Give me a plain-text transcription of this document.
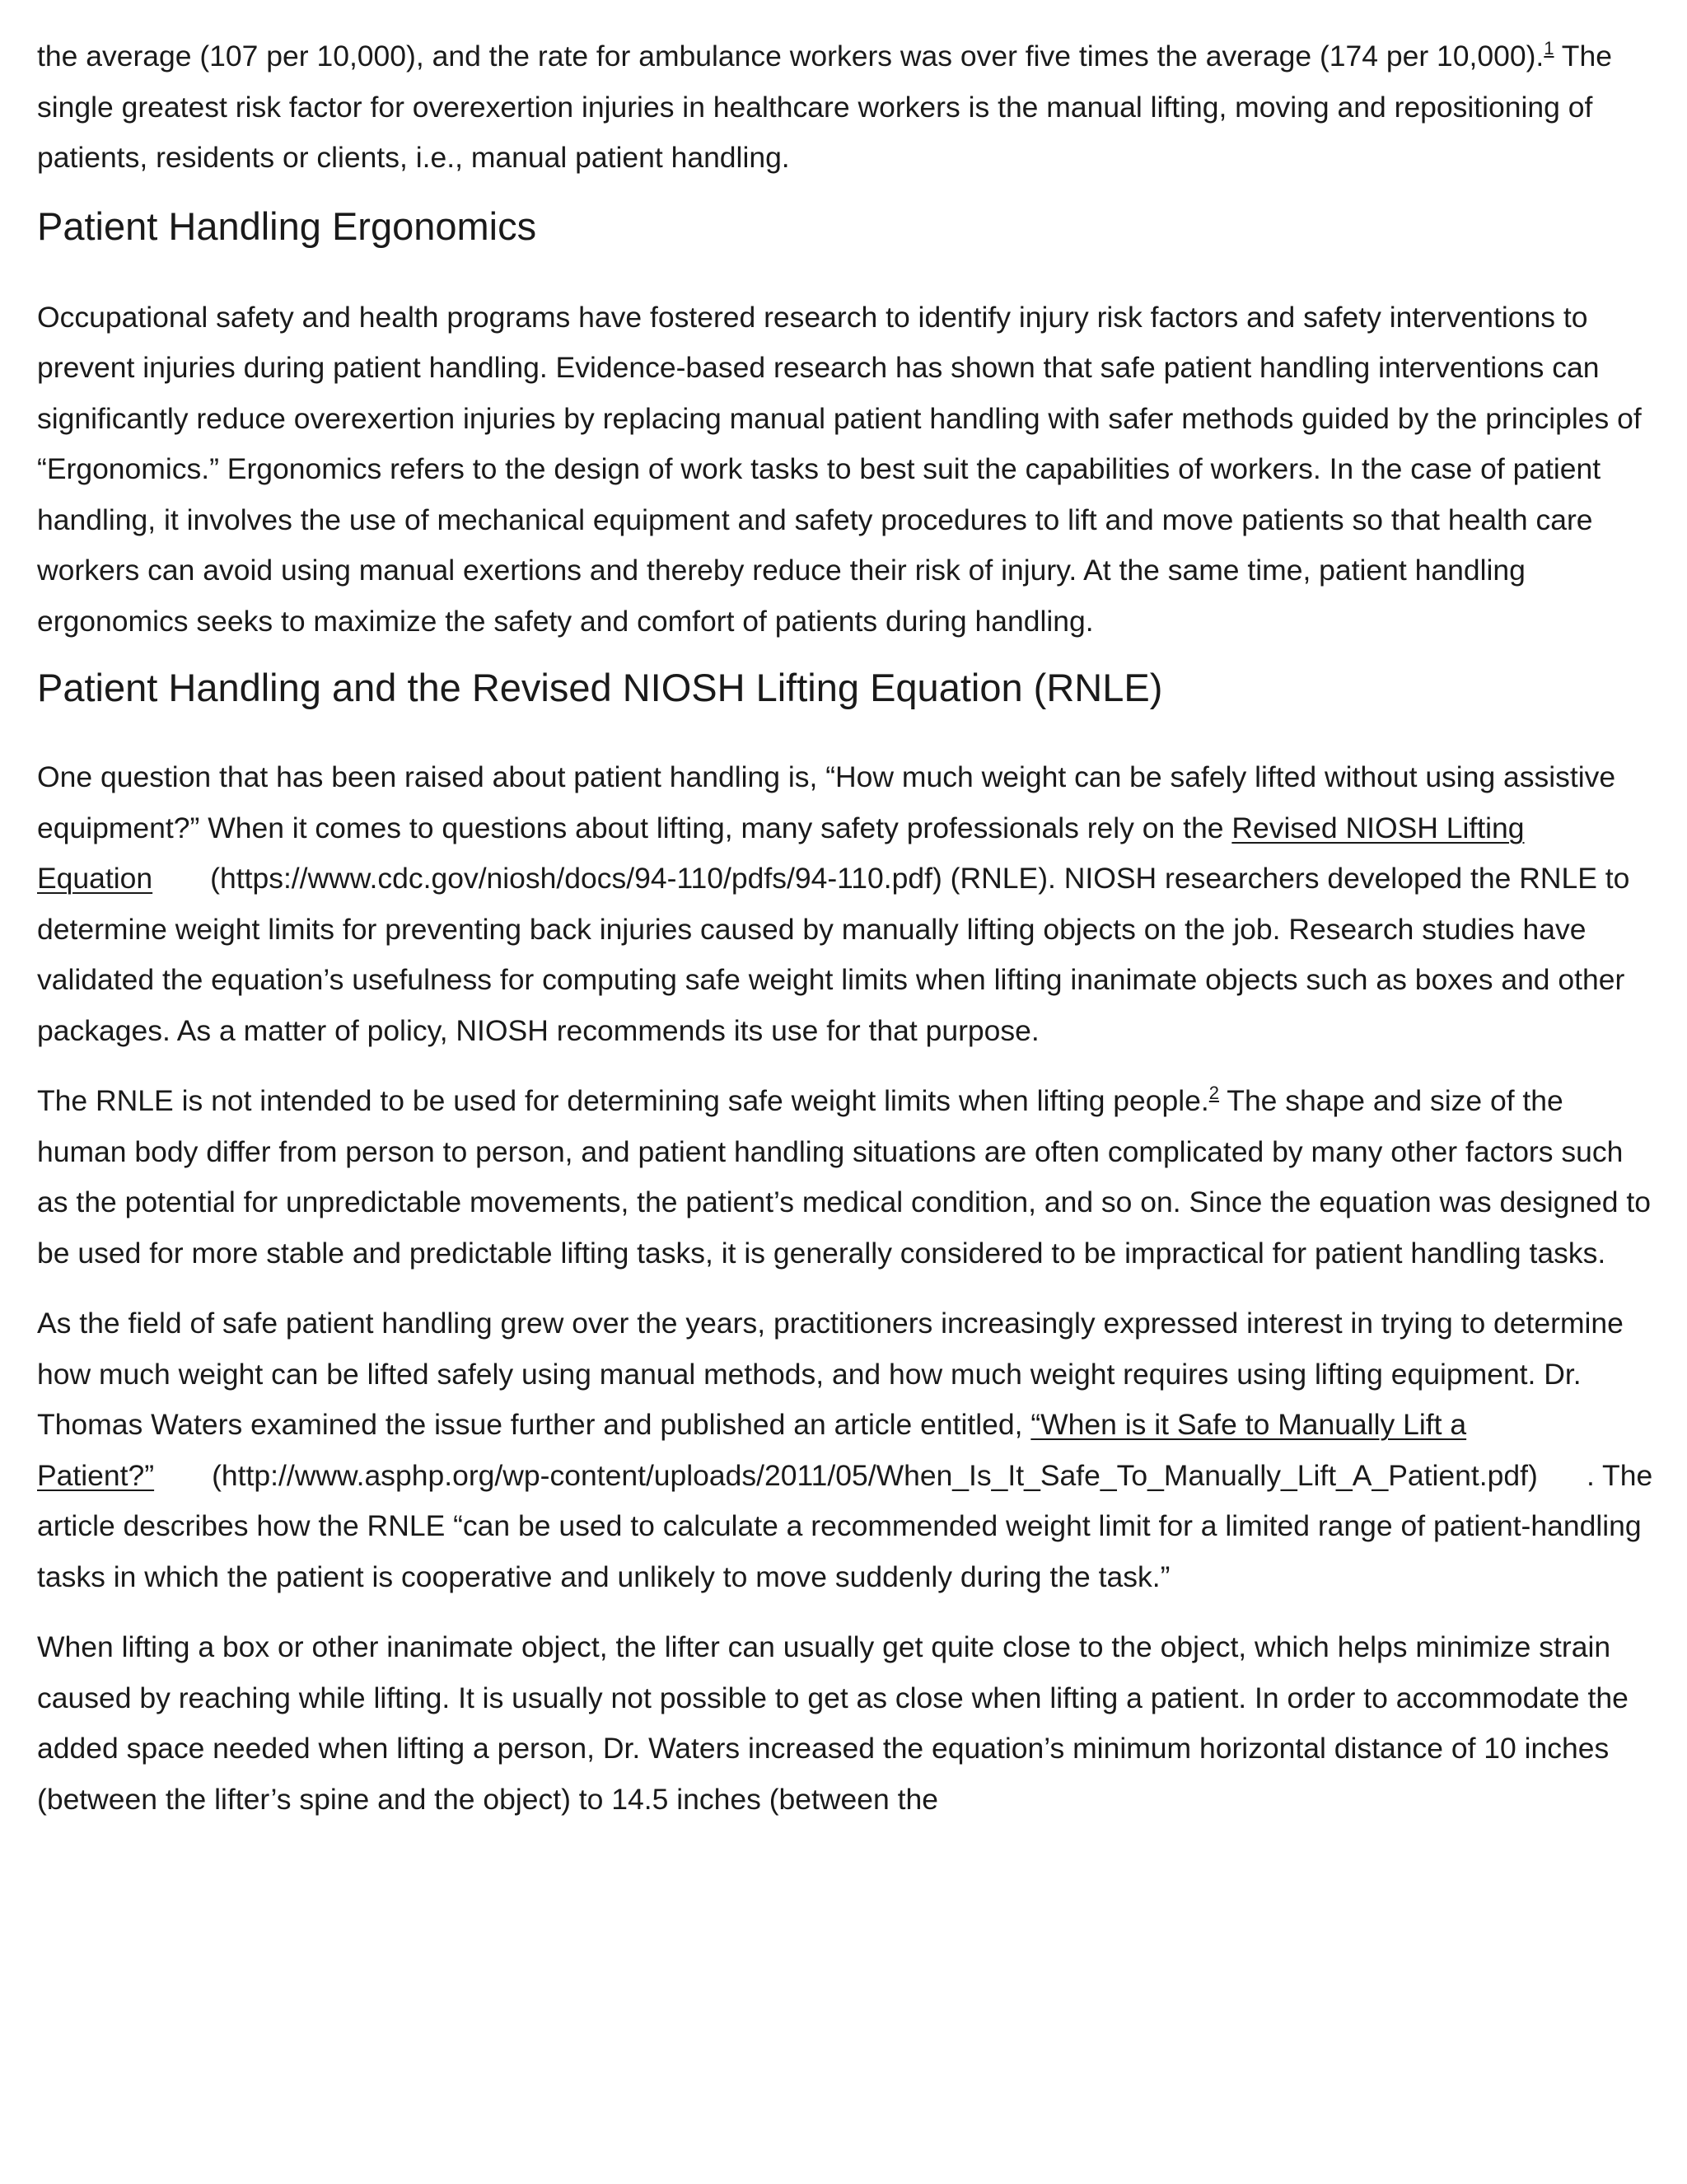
the average (107 per 10,000), and the rate for ambulance workers was over five times the average (174 per 10,000).$^1$ The single greatest risk factor for overexertion injuries in healthcare workers is the manual lifting, moving and repositioning of patients, residents or clients, i.e., manual patient handling.

Patient Handling Ergonomics

Occupational safety and health programs have fostered research to identify injury risk factors and safety interventions to prevent injuries during patient handling. Evidence-based research has shown that safe patient handling interventions can significantly reduce overexertion injuries by replacing manual patient handling with safer methods guided by the principles of “Ergonomics.” Ergonomics refers to the design of work tasks to best suit the capabilities of workers. In the case of patient handling, it involves the use of mechanical equipment and safety procedures to lift and move patients so that health care workers can avoid using manual exertions and thereby reduce their risk of injury. At the same time, patient handling ergonomics seeks to maximize the safety and comfort of patients during handling.

Patient Handling and the Revised NIOSH Lifting Equation (RNLE)

One question that has been raised about patient handling is, “How much weight can be safely lifted without using assistive equipment?” When it comes to questions about lifting, many safety professionals rely on the Revised NIOSH Lifting Equation (https://www.cdc.gov/niosh/docs/94-110/pdfs/94-110.pdf) (RNLE). NIOSH researchers developed the RNLE to determine weight limits for preventing back injuries caused by manually lifting objects on the job. Research studies have validated the equation’s usefulness for computing safe weight limits when lifting inanimate objects such as boxes and other packages. As a matter of policy, NIOSH recommends its use for that purpose.

The RNLE is not intended to be used for determining safe weight limits when lifting people.$^2$ The shape and size of the human body differ from person to person, and patient handling situations are often complicated by many other factors such as the potential for unpredictable movements, the patient’s medical condition, and so on. Since the equation was designed to be used for more stable and predictable lifting tasks, it is generally considered to be impractical for patient handling tasks.

As the field of safe patient handling grew over the years, practitioners increasingly expressed interest in trying to determine how much weight can be lifted safely using manual methods, and how much weight requires using lifting equipment. Dr. Thomas Waters examined the issue further and published an article entitled, “When is it Safe to Manually Lift a Patient?” (http://www.asphp.org/wp-content/uploads/2011/05/When_Is_It_Safe_To_Manually_Lift_A_Patient.pdf)      . The article describes how the RNLE “can be used to calculate a recommended weight limit for a limited range of patient-handling tasks in which the patient is cooperative and unlikely to move suddenly during the task.”

When lifting a box or other inanimate object, the lifter can usually get quite close to the object, which helps minimize strain caused by reaching while lifting. It is usually not possible to get as close when lifting a patient. In order to accommodate the added space needed when lifting a person, Dr. Waters increased the equation’s minimum horizontal distance of 10 inches (between the lifter’s spine and the object) to 14.5 inches (between the
